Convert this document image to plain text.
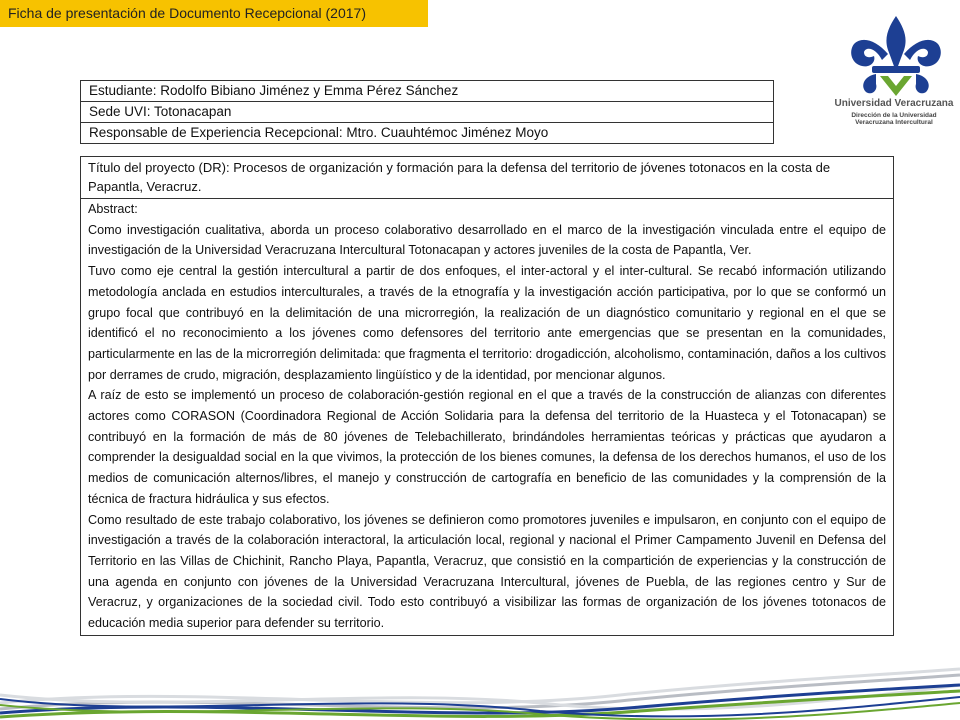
Ficha de presentación de Documento Recepcional (2017)
Universidad Veracruzana
Dirección de la Universidad
Veracruzana Intercultural
Estudiante: Rodolfo Bibiano Jiménez y Emma Pérez Sánchez
Sede UVI: Totonacapan
Responsable de Experiencia Recepcional: Mtro. Cuauhtémoc Jiménez Moyo
Título del proyecto (DR): Procesos de organización y formación para la defensa del territorio de jóvenes totonacos en la costa de Papantla, Veracruz.

Abstract:

Como investigación cualitativa, aborda un proceso colaborativo desarrollado en el marco de la investigación vinculada entre el equipo de investigación de la Universidad Veracruzana Intercultural Totonacapan y actores juveniles de la costa de Papantla, Ver.

Tuvo como eje central la gestión intercultural a partir de dos enfoques, el inter-actoral y el inter-cultural. Se recabó información utilizando metodología anclada en estudios interculturales, a través de la etnografía y la investigación acción participativa, por lo que se conformó un grupo focal que contribuyó en la delimitación de una microrregión, la realización de un diagnóstico comunitario y regional en el que se identificó el no reconocimiento a los jóvenes como defensores del territorio ante emergencias que se presentan en la comunidades, particularmente en las de la microrregión delimitada: que fragmenta el territorio: drogadicción, alcoholismo, contaminación, daños a los cultivos por derrames de crudo, migración, desplazamiento lingüístico y de la identidad, por mencionar algunos.

A raíz de esto se implementó un proceso de colaboración-gestión regional en el que a través de la construcción de alianzas con diferentes actores como CORASON (Coordinadora Regional de Acción Solidaria para la defensa del territorio de la Huasteca y el Totonacapan) se contribuyó en la formación de más de 80 jóvenes de Telebachillerato, brindándoles herramientas teóricas y prácticas que ayudaron a comprender la desigualdad social en la que vivimos, la protección de los bienes comunes, la defensa de los derechos humanos, el uso de los medios de comunicación alternos/libres, el manejo y construcción de cartografía en beneficio de las comunidades y la comprensión de la técnica de fractura hidráulica y sus efectos.

Como resultado de este trabajo colaborativo, los jóvenes se definieron como promotores juveniles e impulsaron, en conjunto con el equipo de investigación a través de la colaboración interactoral, la articulación local, regional y nacional el Primer Campamento Juvenil en Defensa del Territorio en las Villas de Chichinit, Rancho Playa, Papantla, Veracruz, que consistió en la compartición de experiencias y la construcción de una agenda en conjunto con jóvenes de la Universidad Veracruzana Intercultural, jóvenes de Puebla, de las regiones centro y Sur de Veracruz, y organizaciones de la sociedad civil. Todo esto contribuyó a visibilizar las formas de organización de los jóvenes totonacos de educación media superior para defender su territorio.
